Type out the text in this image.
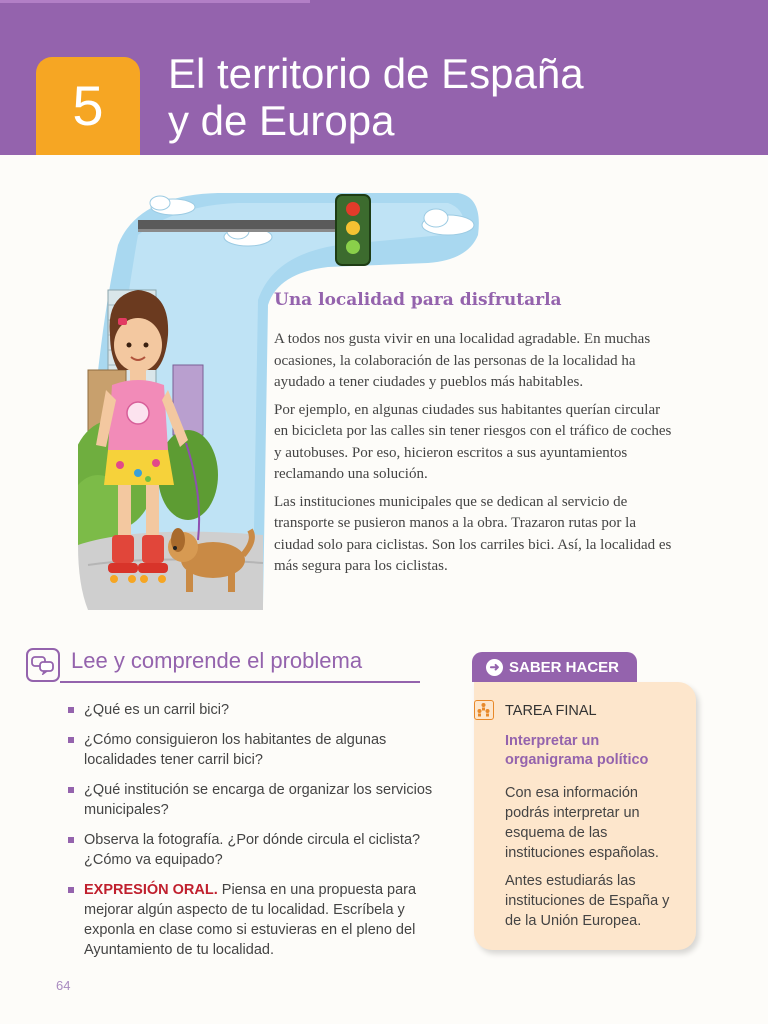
5
El territorio de España
y de Europa
Una localidad para disfrutarla

A todos nos gusta vivir en una localidad agradable. En muchas ocasiones, la colaboración de las personas de la localidad ha ayudado a tener ciudades y pueblos más habitables.

Por ejemplo, en algunas ciudades sus habitantes querían circular en bicicleta por las calles sin tener riesgos con el tráfico de coches y autobuses. Por eso, hicieron escritos a sus ayuntamientos reclamando una solución.

Las instituciones municipales que se dedican al servicio de transporte se pusieron manos a la obra. Trazaron rutas por la ciudad solo para ciclistas. Son los carriles bici. Así, la localidad es más segura para los ciclistas.

Lee y comprende el problema
¿Qué es un carril bici?
¿Cómo consiguieron los habitantes de algunas localidades tener carril bici?
¿Qué institución se encarga de organizar los servicios municipales?
Observa la fotografía. ¿Por dónde circula el ciclista? ¿Cómo va equipado?
EXPRESIÓN ORAL. Piensa en una propuesta para mejorar algún aspecto de tu localidad. Escríbela y exponla en clase como si estuvieras en el pleno del Ayuntamiento de tu localidad.
➜ SABER HACER
TAREA FINAL
Interpretar un organigrama político

Con esa información podrás interpretar un esquema de las instituciones españolas.

Antes estudiarás las instituciones de España y de la Unión Europea.

64
